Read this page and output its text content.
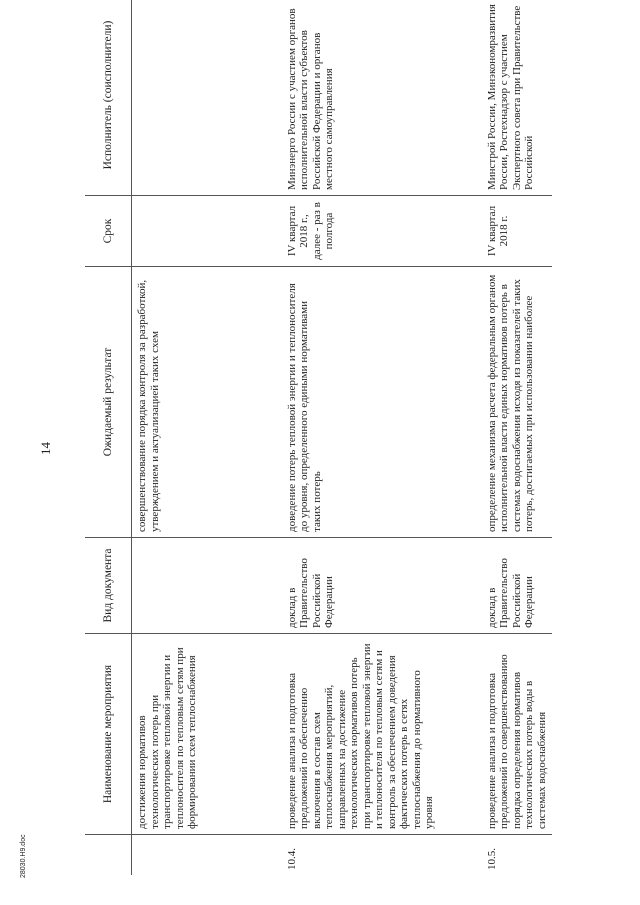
14
28030.H9.doc
	Наименование мероприятия	Вид документа	Ожидаемый результат	Срок	Исполнитель (соисполнители)
	достижения нормативов технологических потерь при транспортировке тепловой энергии и теплоносителя по тепловым сетям при формировании схем теплоснабжения		совершенствование порядка контроля за разработкой, утверждением и актуализацией таких схем		
10.4.	проведение анализа и подготовка предложений по обеспечению включения в состав схем теплоснабжения мероприятий, направленных на достижение технологических нормативов потерь при транспортировке тепловой энергии и теплоносителя по тепловым сетям и контроль за обеспечением доведения фактических потерь в сетях теплоснабжения до нормативного уровня	доклад в Правительство Российской Федерации	доведение потерь тепловой энергии и теплоносителя до уровня, определенного едиными нормативами таких потерь	IV квартал 2018 г., далее - раз в полгода	Минэнерго России с участием органов исполнительной власти субъектов Российской Федерации и органов местного самоуправления
10.5.	проведение анализа и подготовка предложений по совершенствованию порядка определения нормативов технологических потерь воды в системах водоснабжения	доклад в Правительство Российской Федерации	определение механизма расчета федеральным органом исполнительной власти единых нормативов потерь в системах водоснабжения исходя из показателей таких потерь, достигаемых при использовании наиболее	IV квартал 2018 г.	Минстрой России, Минэкономразвития России, Ростехнадзор с участием Экспертного совета при Правительстве Российской
